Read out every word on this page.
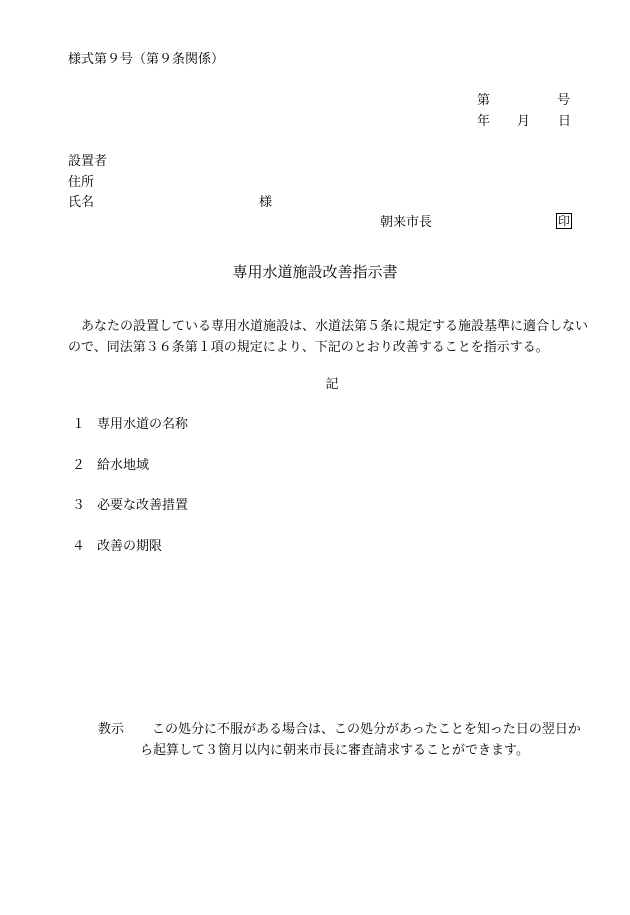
様式第９号（第９条関係）
第	号
年 月 日
設置者
住所
氏名	様
朝来市長	印
専用水道施設改善指示書
あなたの設置している専用水道施設は、水道法第５条に規定する施設基準に適合しないので、同法第３６条第１項の規定により、下記のとおり改善することを指示する。
記
１ 専用水道の名称
２ 給水地域
３ 必要な改善措置
４ 改善の期限
教示 この処分に不服がある場合は、この処分があったことを知った日の翌日か
ら起算して３箇月以内に朝来市長に審査請求することができます。
